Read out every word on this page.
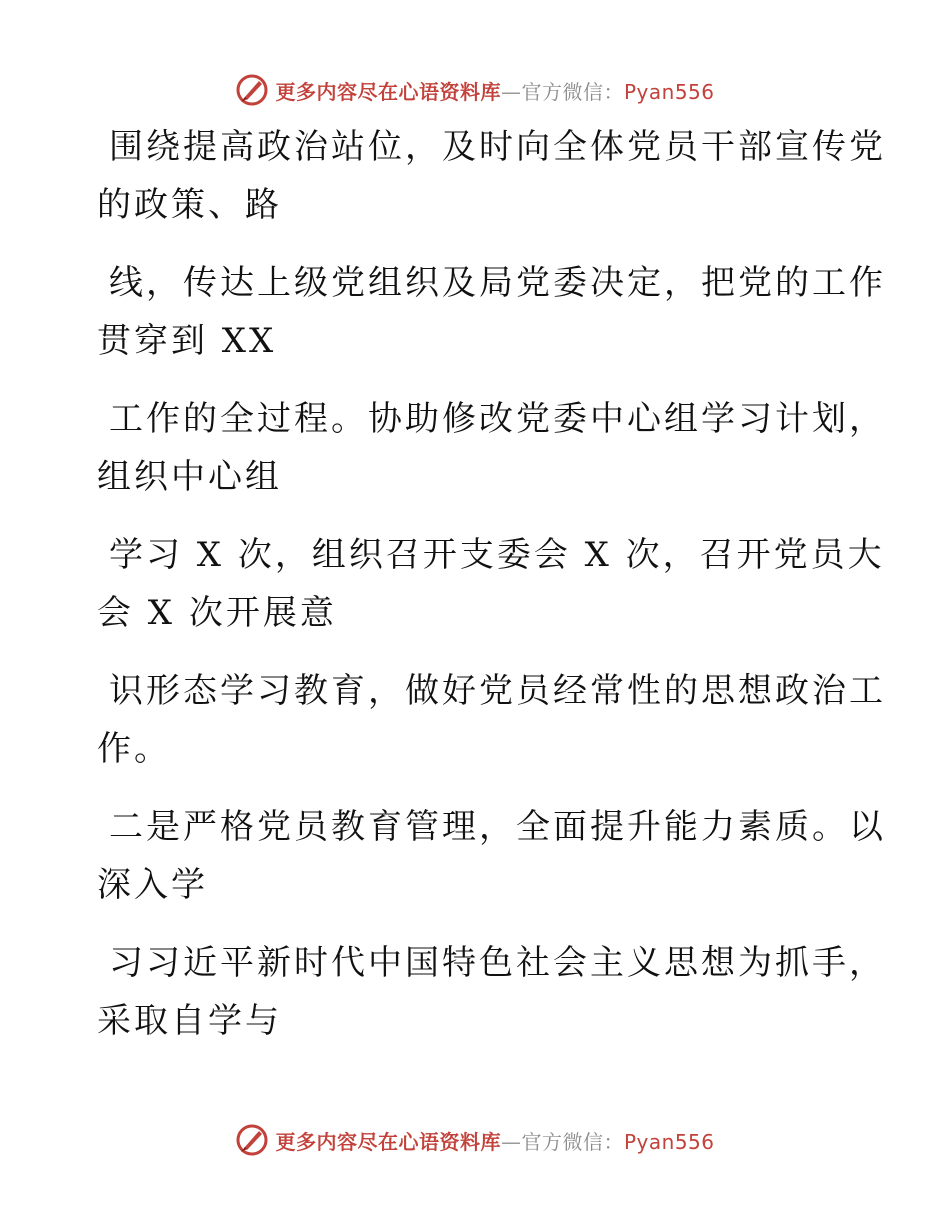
更多内容尽在心语资料库—官方微信：Pyan556
围绕提高政治站位，及时向全体党员干部宣传党
的政策、路
线，传达上级党组织及局党委决定，把党的工作
贯穿到 XX
工作的全过程。协助修改党委中心组学习计划，
组织中心组
学习 X 次，组织召开支委会 X 次，召开党员大
会 X 次开展意
识形态学习教育，做好党员经常性的思想政治工
作。
二是严格党员教育管理，全面提升能力素质。以
深入学
习习近平新时代中国特色社会主义思想为抓手，
采取自学与
更多内容尽在心语资料库—官方微信：Pyan556
